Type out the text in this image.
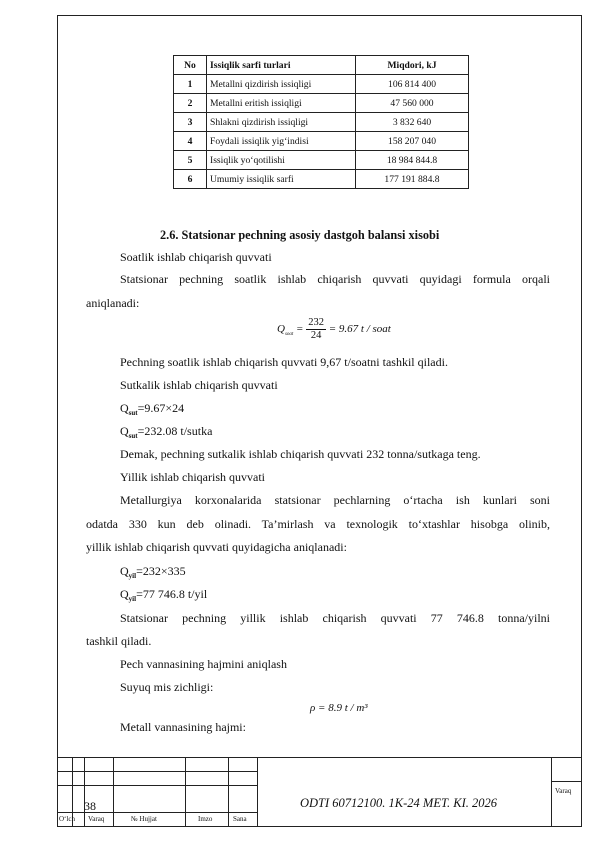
No	Issiqlik sarfi turlari	Miqdori, kJ
1	Metallni qizdirish issiqligi	106 814 400
2	Metallni eritish issiqligi	47 560 000
3	Shlakni qizdirish issiqligi	3 832 640
4	Foydali issiqlik yig‘indisi	158 207 040
5	Issiqlik yo‘qotilishi	18 984 844.8
6	Umumiy issiqlik sarfi	177 191 884.8
2.6. Statsionar pechning asosiy dastgoh balansi xisobi
Soatlik ishlab chiqarish quvvati
Statsionar pechning soatlik ishlab chiqarish quvvati quyidagi formula orqali
aniqlanadi:
$Q_{soat} = \frac{232}{24} = 9.67$ t / soat
Pechning soatlik ishlab chiqarish quvvati 9,67 t/soatni tashkil qiladi.
Sutkalik ishlab chiqarish quvvati
$Q_{sut}=9.67\times 24$
$Q_{sut}=232.08$ t/sutka
Demak, pechning sutkalik ishlab chiqarish quvvati 232 tonna/sutkaga teng.
Yillik ishlab chiqarish quvvati
Metallurgiya korxonalarida statsionar pechlarning o‘rtacha ish kunlari soni
odatda 330 kun deb olinadi. Ta’mirlash va texnologik to‘xtashlar hisobga olinib,
yillik ishlab chiqarish quvvati quyidagicha aniqlanadi:
$Q_{yil}=232\times 335$
$Q_{yil}=77$ 746.8 t/yil
Statsionar pechning yillik ishlab chiqarish quvvati 77 746.8 tonna/yilni
tashkil qiladi.
Pech vannasining hajmini aniqlash
Suyuq mis zichligi:
ρ = 8.9 t / m³
Metall vannasining hajmi:
38	ODTI 60712100. 1K-24 MET. KI. 2026
Varaq
O‘lch Varaq	№ Hujjat	Imzo	Sana
